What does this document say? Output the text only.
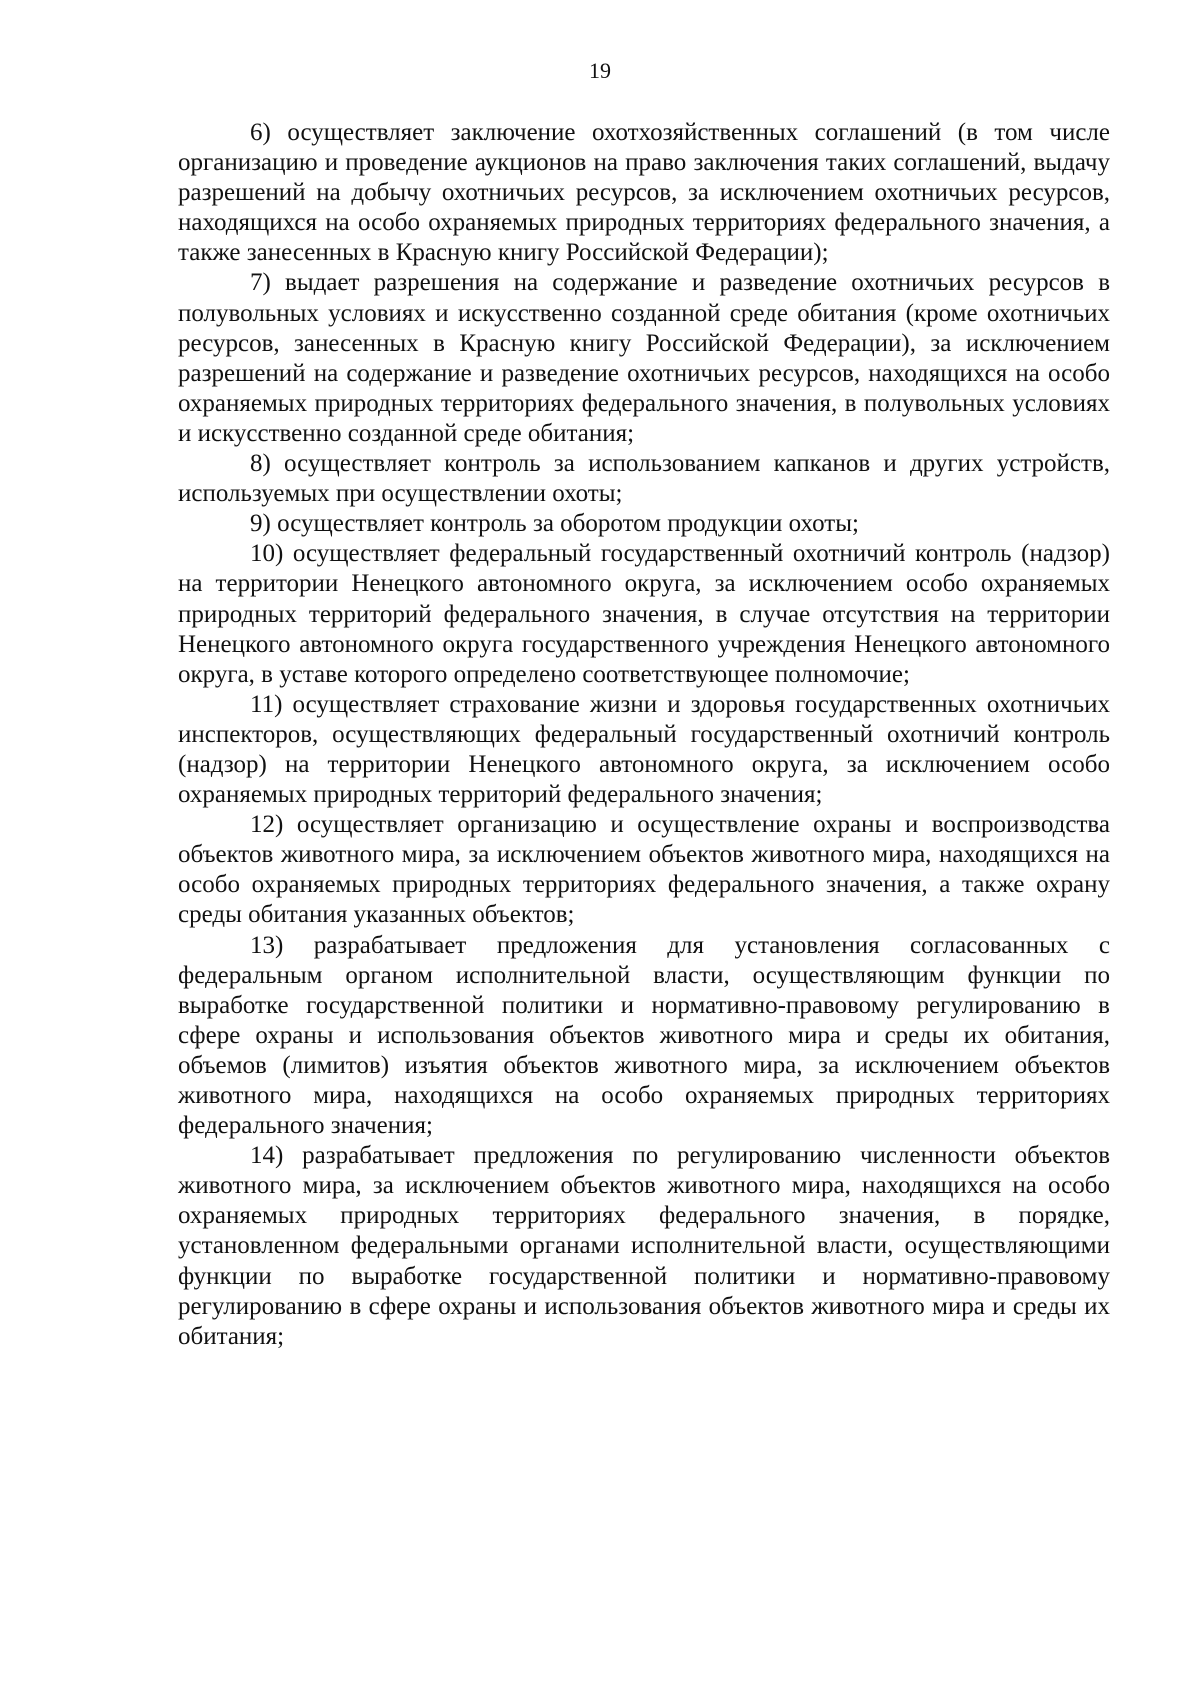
19

6) осуществляет заключение охотхозяйственных соглашений (в том числе организацию и проведение аукционов на право заключения таких соглашений, выдачу разрешений на добычу охотничьих ресурсов, за исключением охотничьих ресурсов, находящихся на особо охраняемых природных территориях федерального значения, а также занесенных в Красную книгу Российской Федерации);

7) выдает разрешения на содержание и разведение охотничьих ресурсов в полувольных условиях и искусственно созданной среде обитания (кроме охотничьих ресурсов, занесенных в Красную книгу Российской Федерации), за исключением разрешений на содержание и разведение охотничьих ресурсов, находящихся на особо охраняемых природных территориях федерального значения, в полувольных условиях и искусственно созданной среде обитания;

8) осуществляет контроль за использованием капканов и других устройств, используемых при осуществлении охоты;

9) осуществляет контроль за оборотом продукции охоты;

10) осуществляет федеральный государственный охотничий контроль (надзор) на территории Ненецкого автономного округа, за исключением особо охраняемых природных территорий федерального значения, в случае отсутствия на территории Ненецкого автономного округа государственного учреждения Ненецкого автономного округа, в уставе которого определено соответствующее полномочие;

11) осуществляет страхование жизни и здоровья государственных охотничьих инспекторов, осуществляющих федеральный государственный охотничий контроль (надзор) на территории Ненецкого автономного округа, за исключением особо охраняемых природных территорий федерального значения;

12) осуществляет организацию и осуществление охраны и воспроизводства объектов животного мира, за исключением объектов животного мира, находящихся на особо охраняемых природных территориях федерального значения, а также охрану среды обитания указанных объектов;

13) разрабатывает предложения для установления согласованных с федеральным органом исполнительной власти, осуществляющим функции по выработке государственной политики и нормативно-правовому регулированию в сфере охраны и использования объектов животного мира и среды их обитания, объемов (лимитов) изъятия объектов животного мира, за исключением объектов животного мира, находящихся на особо охраняемых природных территориях федерального значения;

14) разрабатывает предложения по регулированию численности объектов животного мира, за исключением объектов животного мира, находящихся на особо охраняемых природных территориях федерального значения, в порядке, установленном федеральными органами исполнительной власти, осуществляющими функции по выработке государственной политики и нормативно-правовому регулированию в сфере охраны и использования объектов животного мира и среды их обитания;
